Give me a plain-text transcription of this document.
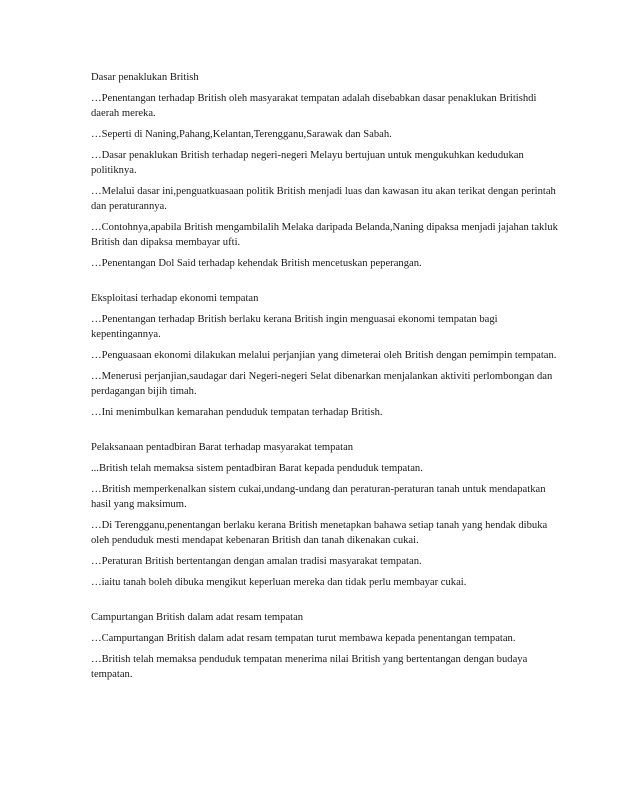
Dasar penaklukan British
…Penentangan terhadap British oleh masyarakat tempatan adalah disebabkan dasar penaklukan Britishdi daerah mereka.
…Seperti di Naning,Pahang,Kelantan,Terengganu,Sarawak dan Sabah.
…Dasar penaklukan British terhadap negeri-negeri Melayu bertujuan untuk mengukuhkan kedudukan politiknya.
…Melalui dasar ini,penguatkuasaan politik British menjadi luas dan kawasan itu akan terikat dengan perintah dan peraturannya.
…Contohnya,apabila British mengambilalih Melaka daripada Belanda,Naning dipaksa menjadi jajahan takluk British dan dipaksa membayar ufti.
…Penentangan Dol Said terhadap kehendak British mencetuskan peperangan.
Eksploitasi terhadap ekonomi tempatan
…Penentangan terhadap British berlaku kerana British ingin menguasai ekonomi tempatan bagi kepentingannya.
…Penguasaan ekonomi dilakukan melalui perjanjian yang dimeterai oleh British dengan pemimpin tempatan.
…Menerusi perjanjian,saudagar dari Negeri-negeri Selat dibenarkan menjalankan aktiviti perlombongan dan perdagangan bijih timah.
…Ini menimbulkan kemarahan penduduk tempatan terhadap British.
Pelaksanaan pentadbiran Barat terhadap masyarakat tempatan
...British telah memaksa sistem pentadbiran Barat kepada penduduk tempatan.
…British memperkenalkan sistem cukai,undang-undang dan peraturan-peraturan tanah untuk mendapatkan hasil yang maksimum.
…Di Terengganu,penentangan berlaku kerana British menetapkan bahawa setiap tanah yang hendak dibuka oleh penduduk mesti mendapat kebenaran British dan tanah dikenakan cukai.
…Peraturan British bertentangan dengan amalan tradisi masyarakat tempatan.
…iaitu tanah boleh dibuka mengikut keperluan mereka dan tidak perlu membayar cukai.
Campurtangan British dalam adat resam tempatan
…Campurtangan British dalam adat resam tempatan turut membawa kepada penentangan tempatan.
…British telah memaksa penduduk tempatan menerima nilai British yang bertentangan dengan budaya tempatan.
